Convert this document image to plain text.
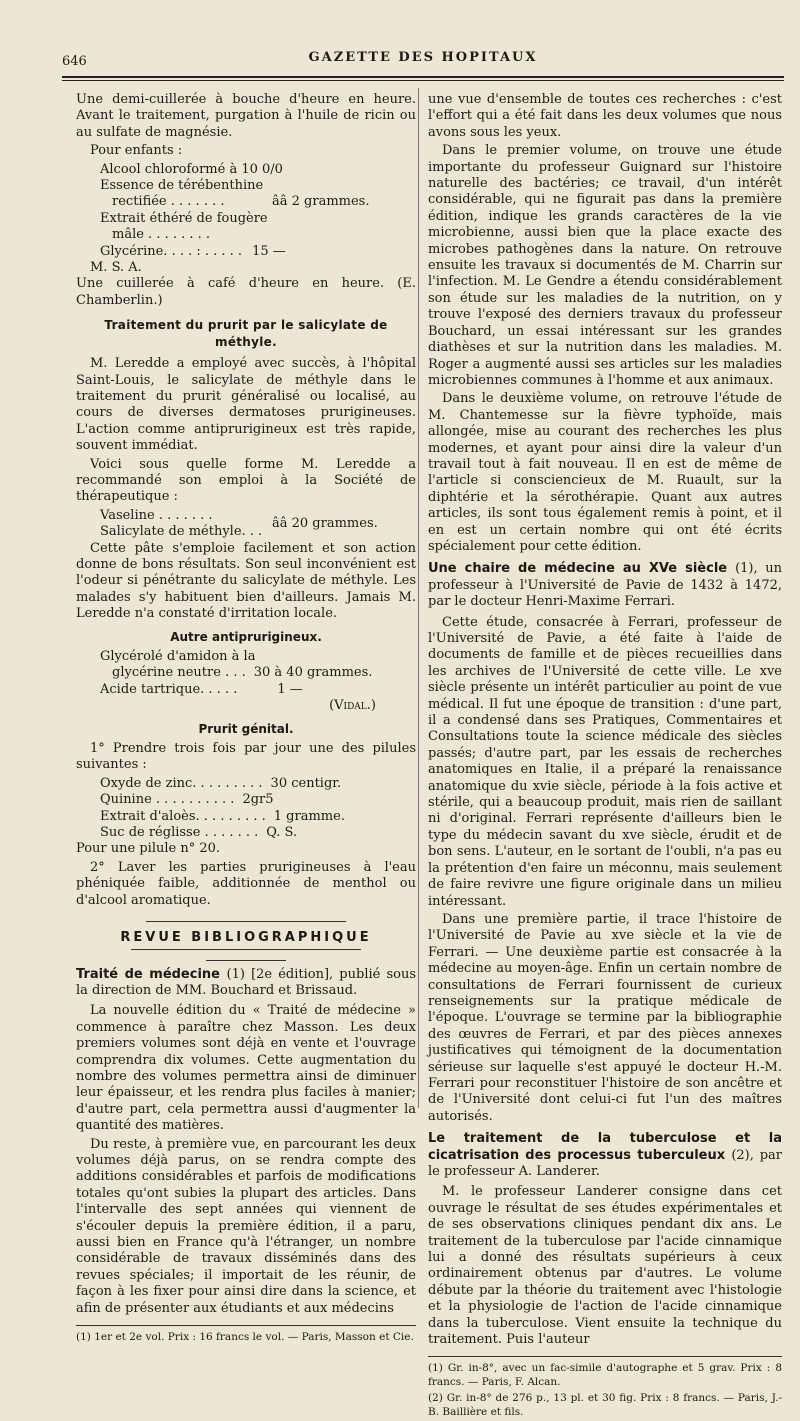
646	GAZETTE DES HOPITAUX

Une demi-cuillerée à bouche d'heure en heure. Avant le traitement, purgation à l'huile de ricin ou au sulfate de magnésie.

Pour enfants :

Alcool chloroformé à 10 0/0
Essence de térébenthine
rectifiée . . . . . . .
Extrait éthéré de fougère
mâle . . . . . . . .
ââ 2 grammes.
Glycérine. . . . : . . . . . 15 —
M. S. A.

Une cuillerée à café d'heure en heure. (E. Chamberlin.)

Traitement du prurit par le salicylate de méthyle.

M. Leredde a employé avec succès, à l'hôpital Saint-Louis, le salicylate de méthyle dans le traitement du prurit généralisé ou localisé, au cours de diverses dermatoses prurigineuses. L'action comme antiprurigineux est très rapide, souvent immédiat.

Voici sous quelle forme M. Leredde a recommandé son emploi à la Société de thérapeutique :

Vaseline . . . . . . .
Salicylate de méthyle. . .
ââ 20 grammes.

Cette pâte s'emploie facilement et son action donne de bons résultats. Son seul inconvénient est l'odeur si pénétrante du salicylate de méthyle. Les malades s'y habituent bien d'ailleurs. Jamais M. Leredde n'a constaté d'irritation locale.

Autre antiprurigineux.
Glycérolé d'amidon à la
glycérine neutre . . . 30 à 40 grammes.
Acide tartrique. . . . .	1 —
(Vidal.)
Prurit génital.

1° Prendre trois fois par jour une des pilules suivantes :

Oxyde de zinc. . . . . . . . . 30 centigr.
Quinine . . . . . . . . . . 2gr5
Extrait d'aloès. . . . . . . . . 1 gramme.
Suc de réglisse . . . . . . . Q. S.

Pour une pilule n° 20.

2° Laver les parties prurigineuses à l'eau phéniquée faible, additionnée de menthol ou d'alcool aromatique.

REVUE BIBLIOGRAPHIQUE

Traité de médecine (1) [2e édition], publié sous la direction de MM. Bouchard et Brissaud.

La nouvelle édition du « Traité de médecine » commence à paraître chez Masson. Les deux premiers volumes sont déjà en vente et l'ouvrage comprendra dix volumes. Cette augmentation du nombre des volumes permettra ainsi de diminuer leur épaisseur, et les rendra plus faciles à manier; d'autre part, cela permettra aussi d'augmenter la quantité des matières.

Du reste, à première vue, en parcourant les deux volumes déjà parus, on se rendra compte des additions considérables et parfois de modifications totales qu'ont subies la plupart des articles. Dans l'intervalle des sept années qui viennent de s'écouler depuis la première édition, il a paru, aussi bien en France qu'à l'étranger, un nombre considérable de travaux disséminés dans des revues spéciales; il importait de les réunir, de façon à les fixer pour ainsi dire dans la science, et afin de présenter aux étudiants et aux médecins

(1) 1er et 2e vol. Prix : 16 francs le vol. — Paris, Masson et Cie.

une vue d'ensemble de toutes ces recherches : c'est l'effort qui a été fait dans les deux volumes que nous avons sous les yeux.

Dans le premier volume, on trouve une étude importante du professeur Guignard sur l'histoire naturelle des bactéries; ce travail, d'un intérêt considérable, qui ne figurait pas dans la première édition, indique les grands caractères de la vie microbienne, aussi bien que la place exacte des microbes pathogènes dans la nature. On retrouve ensuite les travaux si documentés de M. Charrin sur l'infection. M. Le Gendre a étendu considérablement son étude sur les maladies de la nutrition, on y trouve l'exposé des derniers travaux du professeur Bouchard, un essai intéressant sur les grandes diathèses et sur la nutrition dans les maladies. M. Roger a augmenté aussi ses articles sur les maladies microbiennes communes à l'homme et aux animaux.

Dans le deuxième volume, on retrouve l'étude de M. Chantemesse sur la fièvre typhoïde, mais allongée, mise au courant des recherches les plus modernes, et ayant pour ainsi dire la valeur d'un travail tout à fait nouveau. Il en est de même de l'article si consciencieux de M. Ruault, sur la diphtérie et la sérothérapie. Quant aux autres articles, ils sont tous également remis à point, et il en est un certain nombre qui ont été écrits spécialement pour cette édition.

Une chaire de médecine au XVe siècle (1), un professeur à l'Université de Pavie de 1432 à 1472, par le docteur Henri-Maxime Ferrari.

Cette étude, consacrée à Ferrari, professeur de l'Université de Pavie, a été faite à l'aide de documents de famille et de pièces recueillies dans les archives de l'Université de cette ville. Le xve siècle présente un intérêt particulier au point de vue médical. Il fut une époque de transition : d'une part, il a condensé dans ses Pratiques, Commentaires et Consultations toute la science médicale des siècles passés; d'autre part, par les essais de recherches anatomiques en Italie, il a préparé la renaissance anatomique du xvie siècle, période à la fois active et stérile, qui a beaucoup produit, mais rien de saillant ni d'original. Ferrari représente d'ailleurs bien le type du médecin savant du xve siècle, érudit et de bon sens. L'auteur, en le sortant de l'oubli, n'a pas eu la prétention d'en faire un méconnu, mais seulement de faire revivre une figure originale dans un milieu intéressant.

Dans une première partie, il trace l'histoire de l'Université de Pavie au xve siècle et la vie de Ferrari. — Une deuxième partie est consacrée à la médecine au moyen-âge. Enfin un certain nombre de consultations de Ferrari fournissent de curieux renseignements sur la pratique médicale de l'époque. L'ouvrage se termine par la bibliographie des œuvres de Ferrari, et par des pièces annexes justificatives qui témoignent de la documentation sérieuse sur laquelle s'est appuyé le docteur H.-M. Ferrari pour reconstituer l'histoire de son ancêtre et de l'Université dont celui-ci fut l'un des maîtres autorisés.

Le traitement de la tuberculose et la cicatrisation des processus tuberculeux (2), par le professeur A. Landerer.

M. le professeur Landerer consigne dans cet ouvrage le résultat de ses études expérimentales et de ses observations cliniques pendant dix ans. Le traitement de la tuberculose par l'acide cinnamique lui a donné des résultats supérieurs à ceux ordinairement obtenus par d'autres. Le volume débute par la théorie du traitement avec l'histologie et la physiologie de l'action de l'acide cinnamique dans la tuberculose. Vient ensuite la technique du traitement. Puis l'auteur

(1) Gr. in-8°, avec un fac-simile d'autographe et 5 grav. Prix : 8 francs. — Paris, F. Alcan.

(2) Gr. in-8° de 276 p., 13 pl. et 30 fig. Prix : 8 francs. — Paris, J.-B. Baillière et fils.
